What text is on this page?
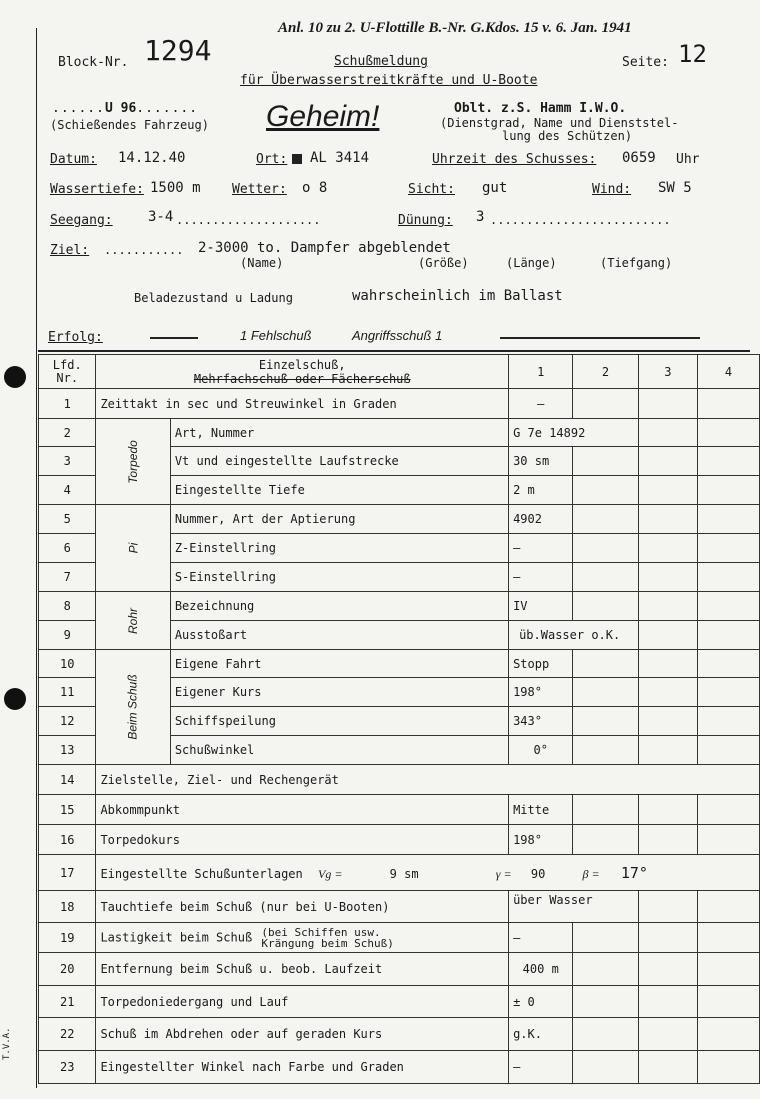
Anl. 10 zu 2. U-Flottille B.-Nr. G.Kdos. 15 v. 6. Jan. 1941
Block-Nr. 1294	Seite: 12
Schußmeldung
für Überwasserstreitkräfte und U-Boote
......U 96.......
(Schießendes Fahrzeug) Geheim!	Oblt. z.S. Hamm I.W.O.
(Dienstgrad, Name und Dienststel-
lung des Schützen)
Datum: 14.12.40	Ort: AL 3414	Uhrzeit des Schusses: 0659 Uhr
Wassertiefe: 1500 m Wetter: o 8	Sicht: gut	Wind: SW 5
Seegang:	3-4 ....................	Dünung: 3 .........................
Ziel: ........... 2-3000 to. Dampfer abgeblendet
(Name)	(Größe)	(Länge)	(Tiefgang)
Beladezustand u Ladung	wahrscheinlich im Ballast
Erfolg:	1 Fehlschuß	Angriffsschuß 1
Lfd. Nr.	Einzelschuß,
Mehrfachschuß oder Fächerschuß		1	2	3	4
1	Zeittakt in sec und Streuwinkel in Graden		—			
2	Torpedo	Art, Nummer	G 7e 14892			
3		Vt und eingestellte Laufstrecke	30 sm			
4		Eingestellte Tiefe	2 m			
5	Pi	Nummer, Art der Aptierung	4902			
6		Z-Einstellring	–			
7		S-Einstellring	–			
8	Rohr	Bezeichnung	IV			
9		Ausstoßart	üb.Wasser o.K.			
10	Beim Schuß	Eigene Fahrt	Stopp			
11		Eigener Kurs	198°			
12		Schiffspeilung	343°			
13		Schußwinkel	0°			
14	Zielstelle, Ziel- und Rechengerät					
15	Abkommpunkt		Mitte			
16	Torpedokurs		198°			
17	Eingestellte Schußunterlagen Vg = 9 sm γ = 90 β = 17°					
18	Tauchtiefe beim Schuß (nur bei U-Booten)		über Wasser			
19	Lastigkeit beim Schuß (bei Schiffen usw.
Krängung beim Schuß)		–			
20	Entfernung beim Schuß u. beob. Laufzeit		400 m			
21	Torpedoniedergang und Lauf		± 0			
22	Schuß im Abdrehen oder auf geraden Kurs		g.K.			
23	Eingestellter Winkel nach Farbe und Graden		–			
T.V.A.
